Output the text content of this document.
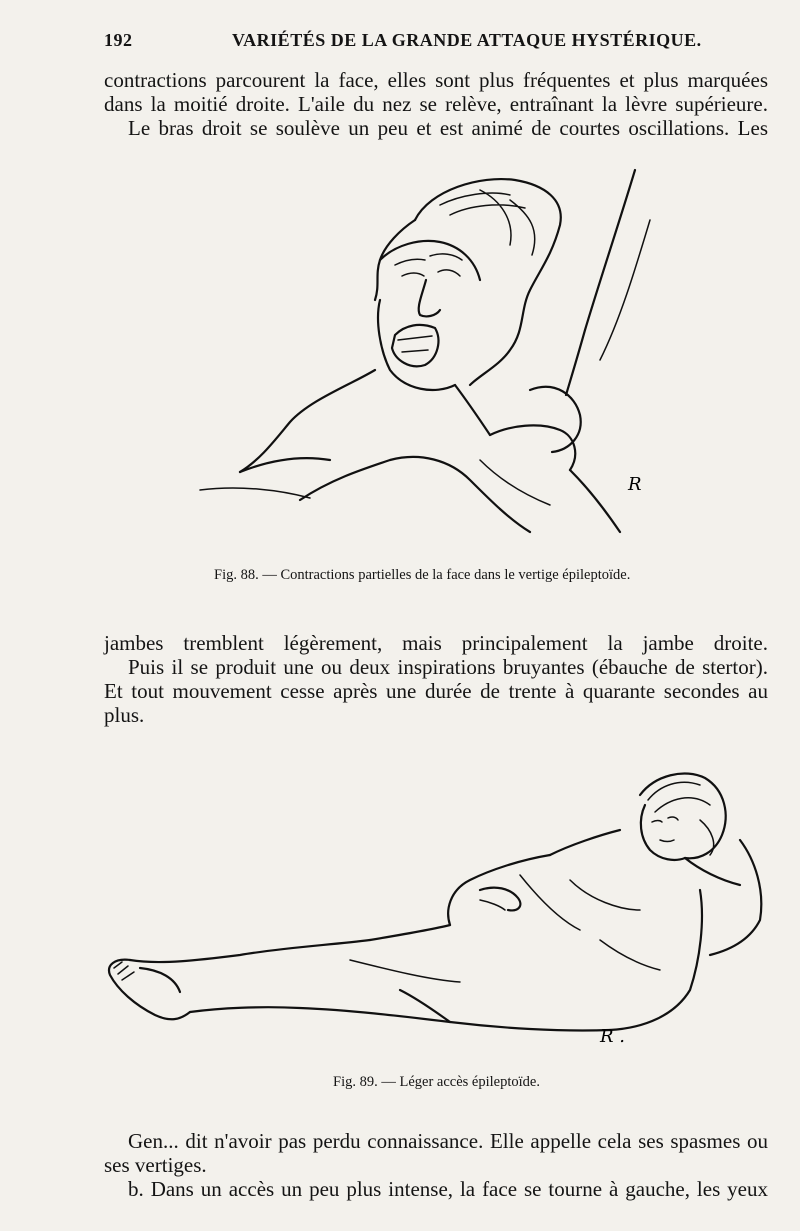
192	VARIÉTÉS DE LA GRANDE ATTAQUE HYSTÉRIQUE.
contractions parcourent la face, elles sont plus fréquentes et plus marquées
dans la moitié droite. L'aile du nez se relève, entraînant la lèvre supérieure.
Le bras droit se soulève un peu et est animé de courtes oscillations. Les
R
Fig. 88. — Contractions partielles de la face dans le vertige épileptoïde.
jambes tremblent légèrement, mais principalement la jambe droite.
Puis il se produit une ou deux inspirations bruyantes (ébauche de stertor).
Et tout mouvement cesse après une durée de trente à quarante secondes au
plus.
R .
Fig. 89. — Léger accès épileptoïde.
Gen... dit n'avoir pas perdu connaissance. Elle appelle cela ses spasmes ou
ses vertiges.
b. Dans un accès un peu plus intense, la face se tourne à gauche, les yeux
